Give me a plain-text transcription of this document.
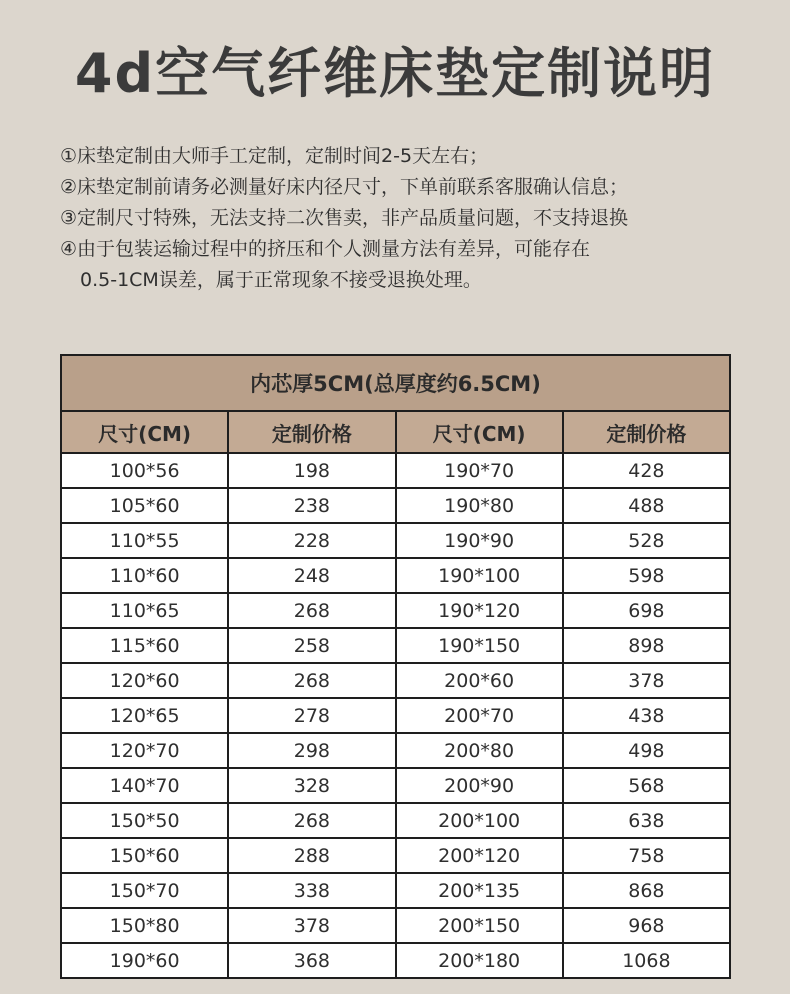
4d空气纤维床垫定制说明
①床垫定制由大师手工定制，定制时间2-5天左右；
②床垫定制前请务必测量好床内径尺寸，下单前联系客服确认信息；
③定制尺寸特殊，无法支持二次售卖，非产品质量问题，不支持退换
④由于包装运输过程中的挤压和个人测量方法有差异，可能存在
0.5-1CM误差，属于正常现象不接受退换处理。
内芯厚5CM(总厚度约6.5CM)			
尺寸(CM)	定制价格	尺寸(CM)	定制价格
100*56	198	190*70	428
105*60	238	190*80	488
110*55	228	190*90	528
110*60	248	190*100	598
110*65	268	190*120	698
115*60	258	190*150	898
120*60	268	200*60	378
120*65	278	200*70	438
120*70	298	200*80	498
140*70	328	200*90	568
150*50	268	200*100	638
150*60	288	200*120	758
150*70	338	200*135	868
150*80	378	200*150	968
190*60	368	200*180	1068
